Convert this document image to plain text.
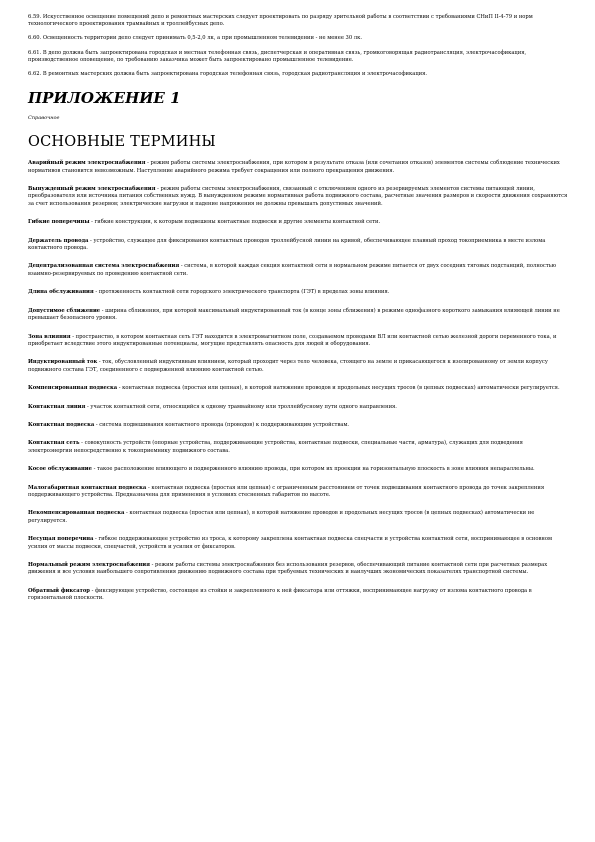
6.59. Искусственное освещение помещений депо и ремонтных мастерских следует проектировать по разряду зрительной работы в соответствии с требованиями СНиП II-4-79 и норм технологического проектирования трамвайных и троллейбусных депо.

6.60. Освещенность территории депо следует принимать 0,5-2,0 лк, а при промышленном телевидении - не менее 30 лк.

6.61. В депо должна быть запроектирована городская и местная телефонная связь, диспетчерская и оперативная связь, громкоговорящая радиотрансляция, электрочасофикация, производственное оповещение, по требованию заказчика может быть запроектировано промышленное телевидение.

6.62. В ремонтных мастерских должна быть запроектирована городская телефонная связь, городская радиотрансляция и электрочасофикация.

ПРИЛОЖЕНИЕ 1

Справочное

ОСНОВНЫЕ ТЕРМИНЫ

Аварийный режим электроснабжения - режим работы системы электроснабжения, при котором в результате отказа (или сочетания отказов) элементов системы соблюдение технических нормативов становится невозможным. Наступление аварийного режима требует сокращения или полного прекращения движения.

Вынужденный режим электроснабжения - режим работы системы электроснабжения, связанный с отключением одного из резервируемых элементов системы питающей линии, преобразователя или источника питания собственных нужд. В вынужденном режиме нормативная работа подвижного состава, расчетные значения размеров и скорости движения сохраняются за счет использования резервов; электрические нагрузки и падение напряжения не должны превышать допустимых значений.

Гибкие поперечины - гибкие конструкции, к которым подвешены контактные подвески и другие элементы контактной сети.

Держатель провода - устройство, служащее для фиксирования контактных проводов троллейбусной линии на кривой, обеспечивающее плавный проход токоприемника в месте излома контактного провода.

Децентрализованная система электроснабжения - система, в которой каждая секция контактной сети в нормальном режиме питается от двух соседних тяговых подстанций, полностью взаимно-резервируемых по проведению контактной сети.

Длина обслуживания - протяженность контактной сети городского электрического транспорта (ГЭТ) в пределах зоны влияния.

Допустимое сближение - ширина сближения, при которой максимальный индуктированный ток (в конце зоны сближения) в режиме однофазного короткого замыкания влияющей линии не превышает безопасного уровня.

Зона влияния - пространство, в котором контактная сеть ГЭТ находится в электромагнитном поле, создаваемом проводами ВЛ или контактной сетью железной дороги переменного тока, и приобретает вследствие этого индуктированные потенциалы, могущие представлять опасность для людей и оборудования.

Индуктированный ток - ток, обусловленный индуктивным влиянием, который проходит через тело человека, стоящего на земле и прикасающегося к изолированному от земли корпусу подвижного состава ГЭТ, соединенного с подверженной влиянию контактной сетью.

Компенсированная подвеска - контактная подвеска (простая или цепная), в которой натяжение проводов и продольных несущих тросов (в цепных подвесках) автоматически регулируется.

Контактная линия - участок контактной сети, относящийся к одному трамвайному или троллейбусному пути одного направления.

Контактная подвеска - система подвешивания контактного провода (проводов) к поддерживающим устройствам.

Контактная сеть - совокупность устройств (опорные устройства, поддерживающие устройства, контактные подвески, специальные части, арматура), служащих для подведения электроэнергии непосредственно к токоприемнику подвижного состава.

Косое обслуживание - такое расположение влияющего и подверженного влиянию провода, при котором их проекции на горизонтальную плоскость в зоне влияния непараллельны.

Малогабаритная контактная подвеска - контактная подвеска (простая или цепная) с ограниченным расстоянием от точек подвешивания контактного провода до точек закрепления поддерживающего устройства. Предназначена для применения в условиях стесненных габаритов по высоте.

Некомпенсированная подвеска - контактная подвеска (простая или цепная), в которой натяжение проводов и продольных несущих тросов (в цепных подвесках) автоматически не регулируется.

Несущая поперечина - гибкое поддерживающее устройство из троса, к которому закреплена контактная подвеска спецчасти и устройства контактной сети, воспринимающее в основном усилия от массы подвески, спецчастей, устройств и усилия от фиксаторов.

Нормальный режим электроснабжения - режим работы системы электроснабжения без использования резервов, обеспечивающий питание контактной сети при расчетных размерах движения и все условия наибольшего сопротивления движению подвижного состава при требуемых технических и наилучших экономических показателях транспортной системы.

Обратный фиксатор - фиксирующее устройство, состоящее из стойки и закрепленного к ней фиксатора или оттяжки, воспринимающее нагрузку от излома контактного провода в горизонтальной плоскости.
